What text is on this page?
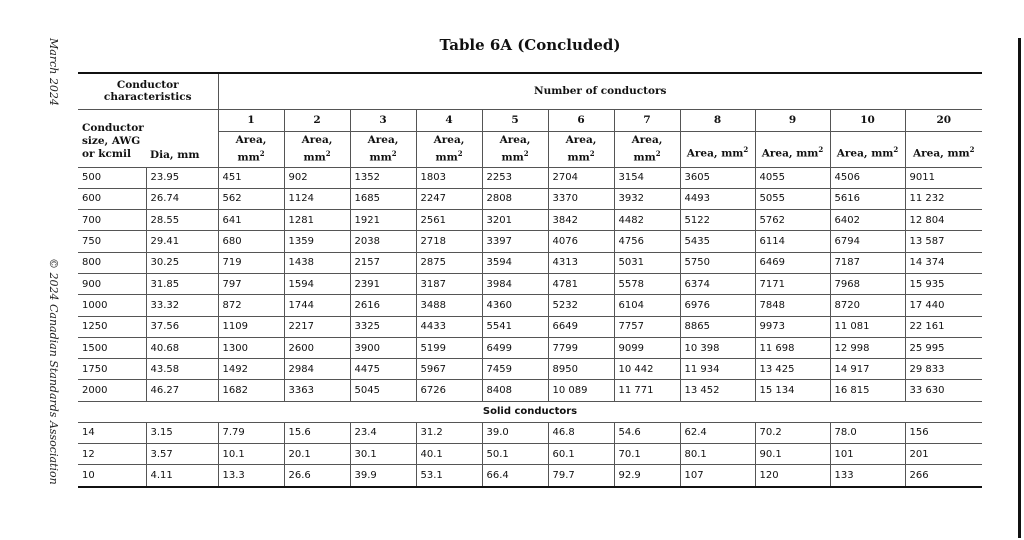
March 2024
© 2024 Canadian Standards Association
Table 6A (Concluded)
Conductor characteristics		Number of conductors										
Conductor size, AWG or kcmil	Dia, mm	1	2	3	4	5	6	7	8	9	10	20
		Area, $mm^2$	Area, $mm^2$	Area, $mm^2$	Area, $mm^2$	Area, $mm^2$	Area, $mm^2$	Area, $mm^2$	Area, $mm^2$	Area, $mm^2$	Area, $mm^2$	Area, $mm^2$
500	23.95	451	902	1352	1803	2253	2704	3154	3605	4055	4506	9011
600	26.74	562	1124	1685	2247	2808	3370	3932	4493	5055	5616	11 232
700	28.55	641	1281	1921	2561	3201	3842	4482	5122	5762	6402	12 804
750	29.41	680	1359	2038	2718	3397	4076	4756	5435	6114	6794	13 587
800	30.25	719	1438	2157	2875	3594	4313	5031	5750	6469	7187	14 374
900	31.85	797	1594	2391	3187	3984	4781	5578	6374	7171	7968	15 935
1000	33.32	872	1744	2616	3488	4360	5232	6104	6976	7848	8720	17 440
1250	37.56	1109	2217	3325	4433	5541	6649	7757	8865	9973	11 081	22 161
1500	40.68	1300	2600	3900	5199	6499	7799	9099	10 398	11 698	12 998	25 995
1750	43.58	1492	2984	4475	5967	7459	8950	10 442	11 934	13 425	14 917	29 833
2000	46.27	1682	3363	5045	6726	8408	10 089	11 771	13 452	15 134	16 815	33 630
Solid conductors												
14	3.15	7.79	15.6	23.4	31.2	39.0	46.8	54.6	62.4	70.2	78.0	156
12	3.57	10.1	20.1	30.1	40.1	50.1	60.1	70.1	80.1	90.1	101	201
10	4.11	13.3	26.6	39.9	53.1	66.4	79.7	92.9	107	120	133	266
